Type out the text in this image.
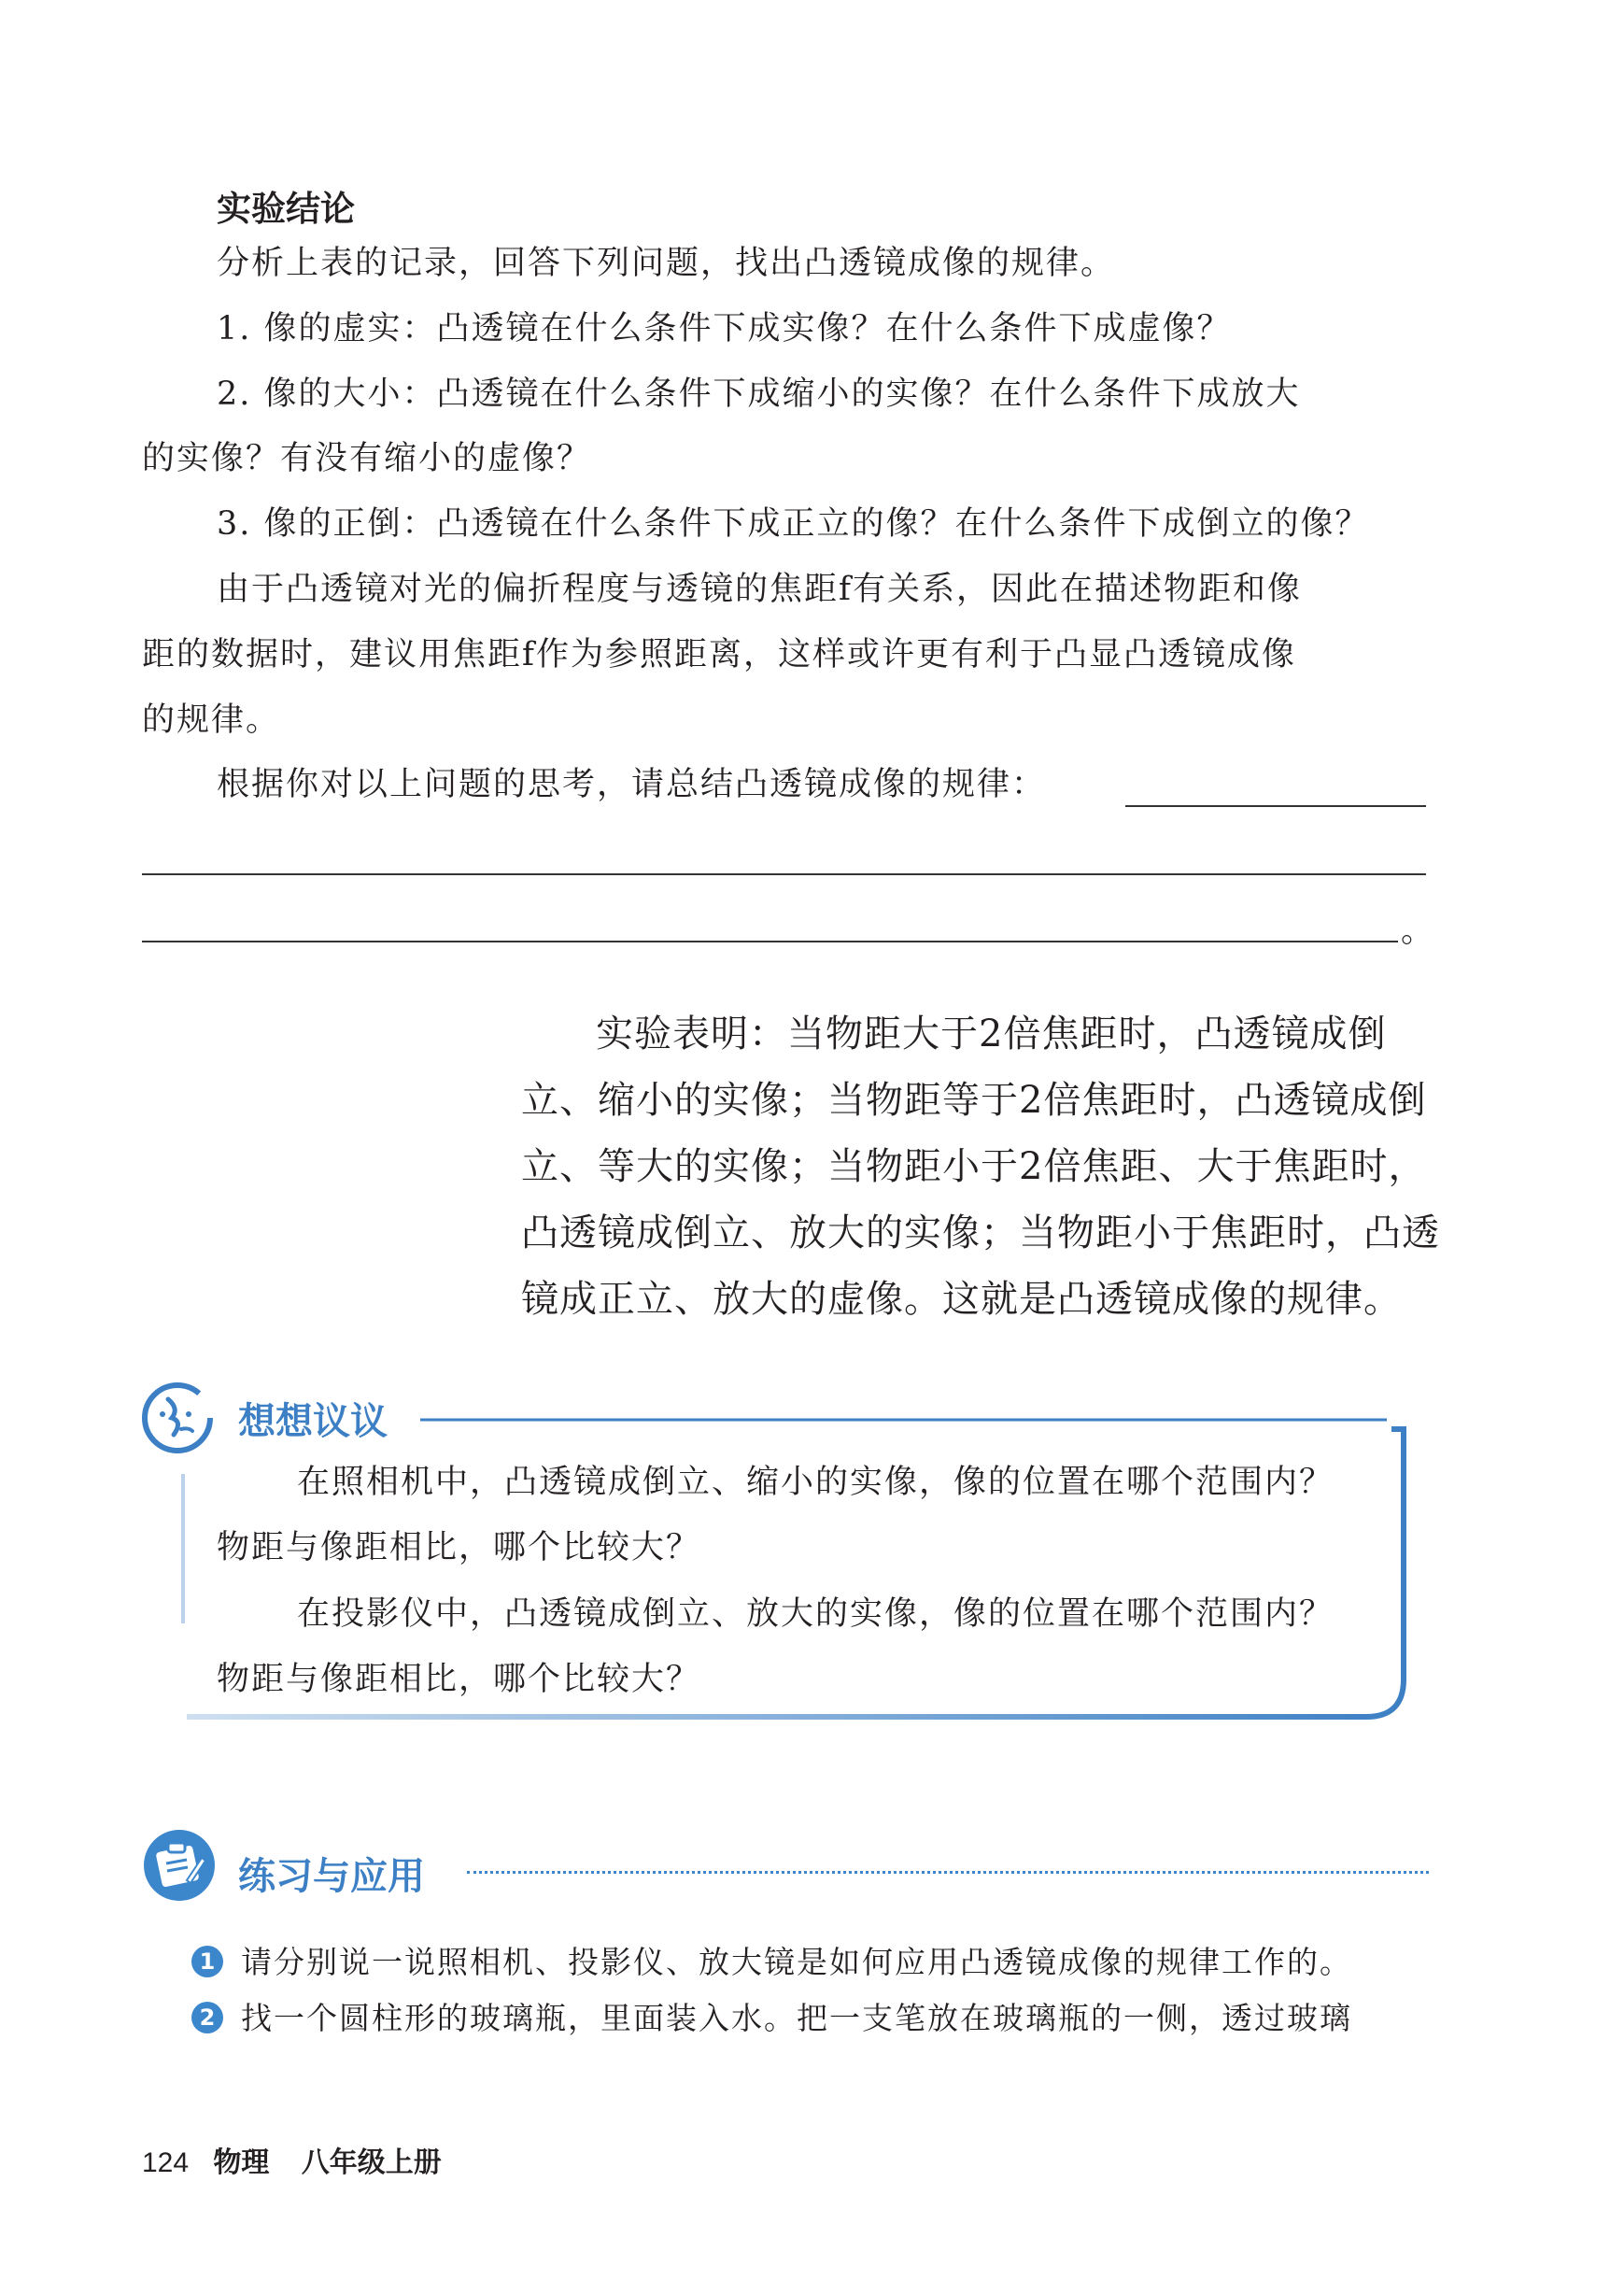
实验结论
分析上表的记录，回答下列问题，找出凸透镜成像的规律。
1. 像的虚实：凸透镜在什么条件下成实像？在什么条件下成虚像？
2. 像的大小：凸透镜在什么条件下成缩小的实像？在什么条件下成放大
的实像？有没有缩小的虚像？
3. 像的正倒：凸透镜在什么条件下成正立的像？在什么条件下成倒立的像？
由于凸透镜对光的偏折程度与透镜的焦距f有关系，因此在描述物距和像
距的数据时，建议用焦距f作为参照距离，这样或许更有利于凸显凸透镜成像
的规律。
根据你对以上问题的思考，请总结凸透镜成像的规律：
。
实验表明：当物距大于2倍焦距时，凸透镜成倒
立、缩小的实像；当物距等于2倍焦距时，凸透镜成倒
立、等大的实像；当物距小于2倍焦距、大于焦距时，
凸透镜成倒立、放大的实像；当物距小于焦距时，凸透
镜成正立、放大的虚像。这就是凸透镜成像的规律。
想想议议
在照相机中，凸透镜成倒立、缩小的实像，像的位置在哪个范围内？
物距与像距相比，哪个比较大？
在投影仪中，凸透镜成倒立、放大的实像，像的位置在哪个范围内？
物距与像距相比，哪个比较大？
练习与应用
1 请分别说一说照相机、投影仪、放大镜是如何应用凸透镜成像的规律工作的。
2 找一个圆柱形的玻璃瓶，里面装入水。把一支笔放在玻璃瓶的一侧，透过玻璃
124 物理 八年级上册
